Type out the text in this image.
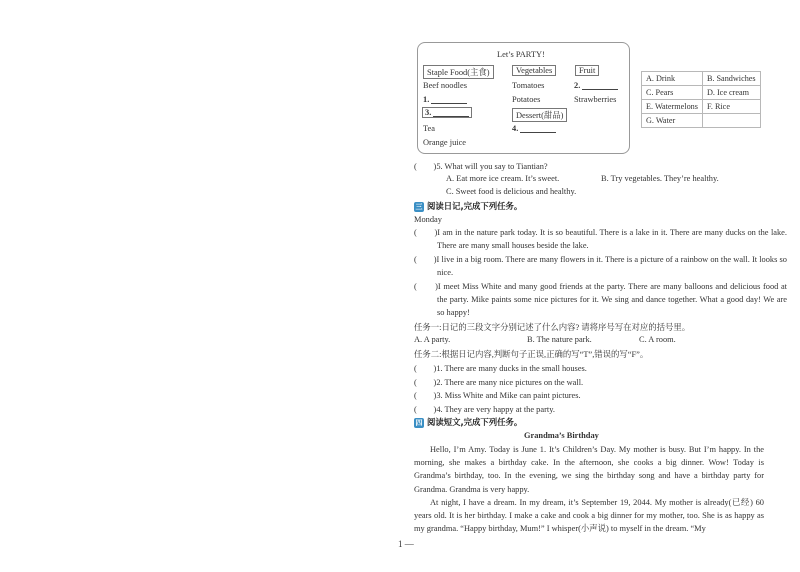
Let’s PARTY!
Staple Food(主食)	Vegetables	Fruit
Beef noodles	Tomatoes	2.
1.	Potatoes	Strawberries
3.	Dessert(甜品)
Tea	4.
Orange juice
A. Drink	B. Sandwiches
C. Pears	D. Ice cream
E. Watermelons	F. Rice
G. Water	
(　　)5. What will you say to Tiantian?
A. Eat more ice cream. It’s sweet.	B. Try vegetables. They’re healthy.
C. Sweet food is delicious and healthy.
三 阅读日记,完成下列任务。
Monday
(　　)I am in the nature park today. It is so beautiful. There is a lake in it. There are many ducks on the lake. There are many small houses beside the lake.
(　　)I live in a big room. There are many flowers in it. There is a picture of a rainbow on the wall. It looks so nice.
(　　)I meet Miss White and many good friends at the party. There are many balloons and delicious food at the party. Mike paints some nice pictures for it. We sing and dance together. What a good day! We are so happy!
任务一:日记的三段文字分别记述了什么内容? 请将序号写在对应的括号里。
A. A party.	B. The nature park.	C. A room.
任务二:根据日记内容,判断句子正误,正确的写“T”,错误的写“F”。
(　　)1. There are many ducks in the small houses.
(　　)2. There are many nice pictures on the wall.
(　　)3. Miss White and Mike can paint pictures.
(　　)4. They are very happy at the party.
四 阅读短文,完成下列任务。
Grandma’s Birthday
Hello, I’m Amy. Today is June 1. It’s Children’s Day. My mother is busy. But I’m happy. In the morning, she makes a birthday cake. In the afternoon, she cooks a big dinner. Wow! Today is Grandma’s birthday, too. In the evening, we sing the birthday song and have a birthday party for Grandma. Grandma is very happy.
At night, I have a dream. In my dream, it’s September 19, 2044. My mother is already(已经) 60 years old. It is her birthday. I make a cake and cook a big dinner for my mother, too. She is as happy as my grandma. “Happy birthday, Mum!” I whisper(小声说) to myself in the dream. “My
1 —
